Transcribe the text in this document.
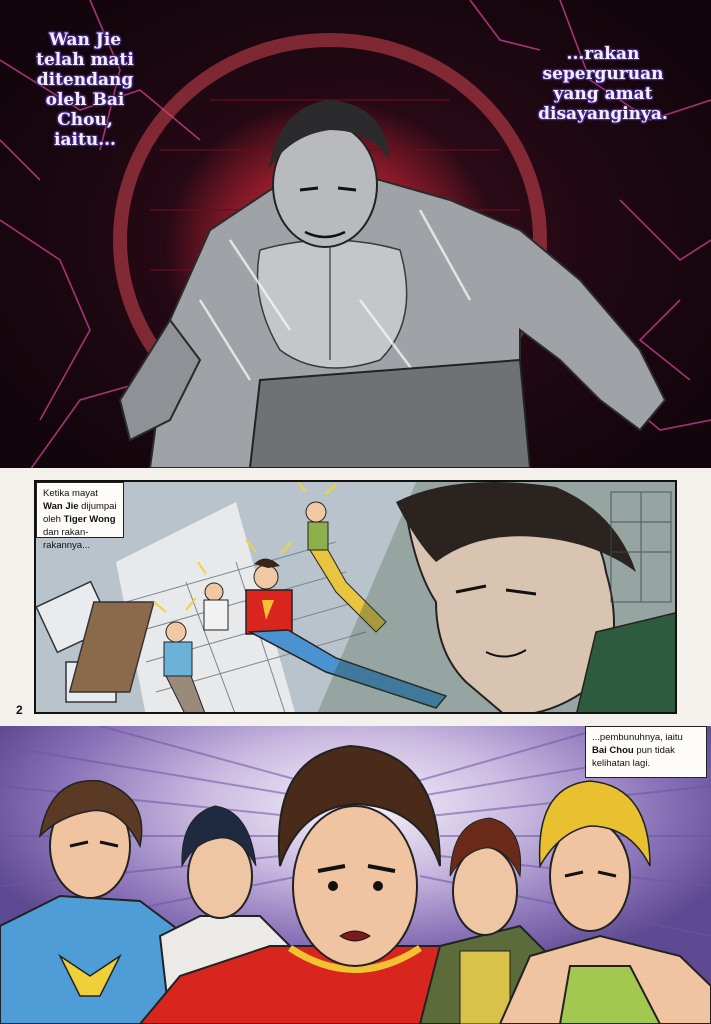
Wan Jie
telah mati
ditendang
oleh Bai
Chou,
iaitu...
...rakan
seperguruan
yang amat
disayanginya.
Ketika mayat Wan Jie dijumpai oleh Tiger Wong dan rakan-rakannya...
2
...pembunuhnya, iaitu Bai Chou pun tidak kelihatan lagi.
